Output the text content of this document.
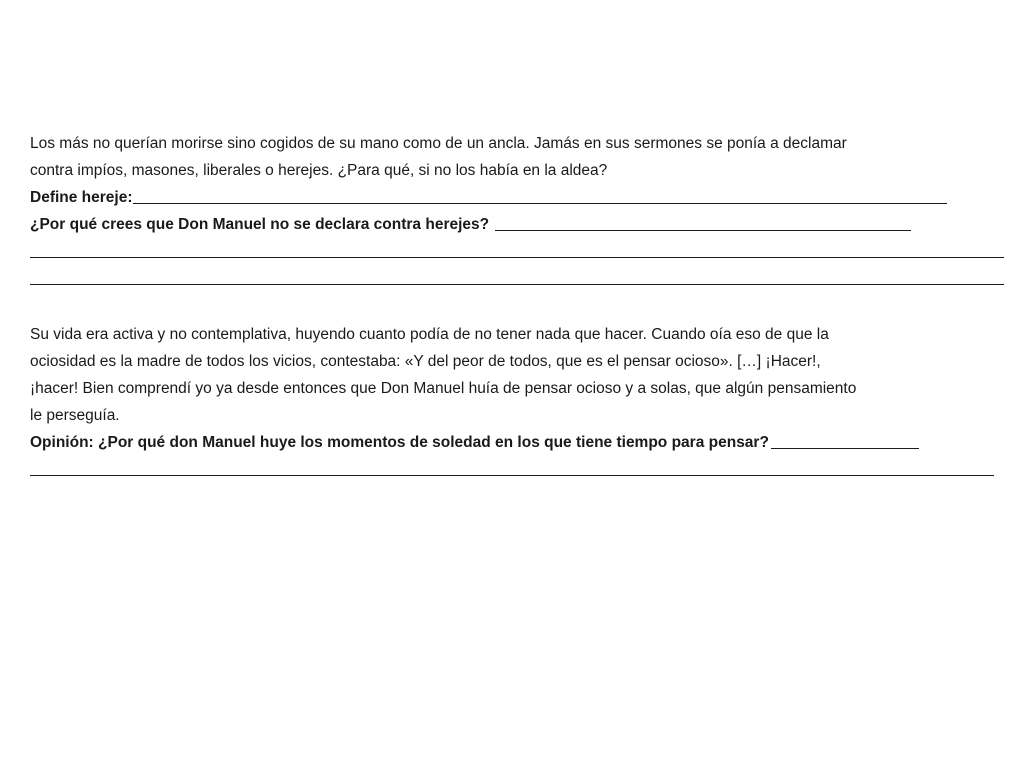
Los más no querían morirse sino cogidos de su mano como de un ancla. Jamás en sus sermones se ponía a declamar
contra impíos, masones, liberales o herejes. ¿Para qué, si no los había en la aldea?
Define hereje:
¿Por qué crees que Don Manuel no se declara contra herejes?
Su vida era activa y no contemplativa, huyendo cuanto podía de no tener nada que hacer. Cuando oía eso de que la
ociosidad es la madre de todos los vicios, contestaba: «Y del peor de todos, que es el pensar ocioso». […] ¡Hacer!,
¡hacer! Bien comprendí yo ya desde entonces que Don Manuel huía de pensar ocioso y a solas, que algún pensamiento
le perseguía.
Opinión: ¿Por qué don Manuel huye los momentos de soledad en los que tiene tiempo para pensar?
